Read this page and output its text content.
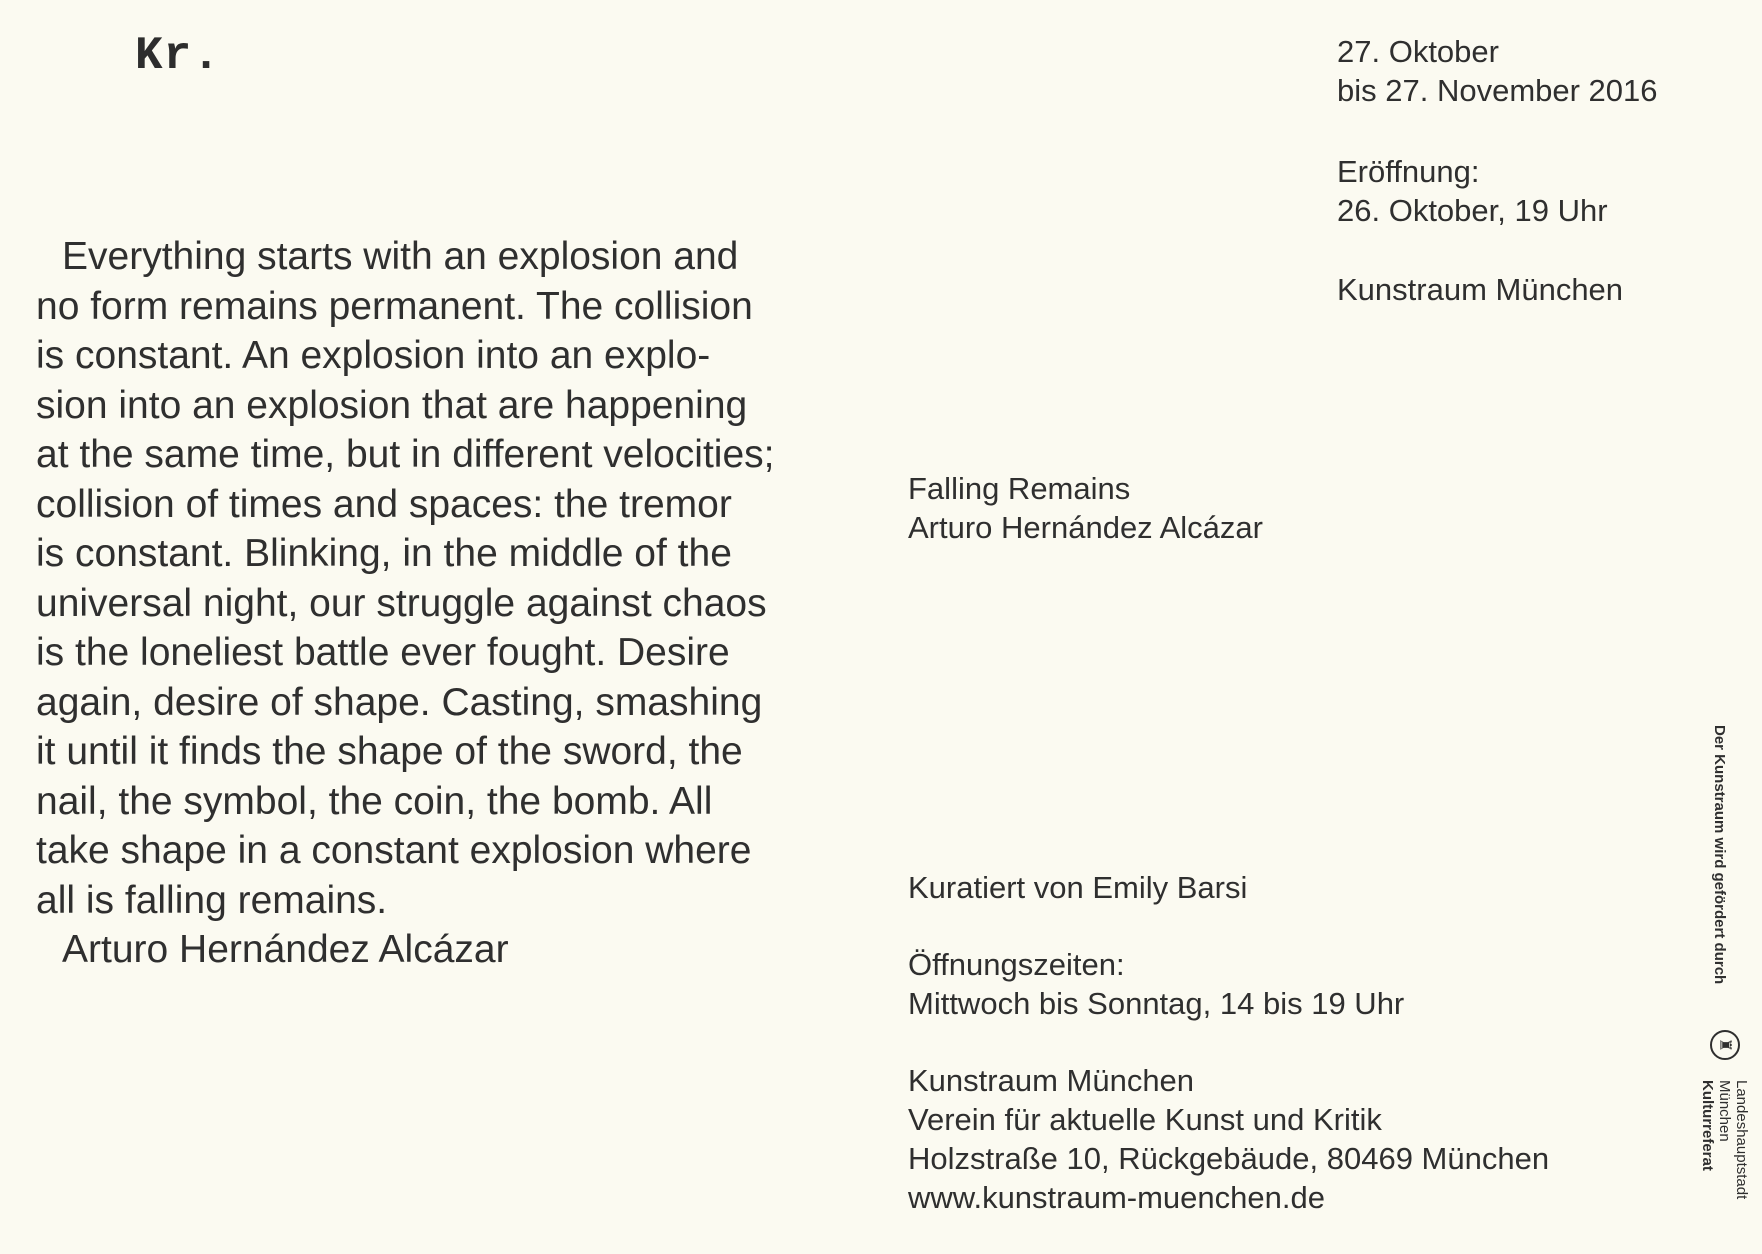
Kr.
Everything starts with an explosion and
no form remains permanent. The collision
is constant. An explosion into an explo-
sion into an explosion that are happening
at the same time, but in different velocities;
collision of times and spaces: the tremor
is constant. Blinking, in the middle of the
universal night, our struggle against chaos
is the loneliest battle ever fought. Desire
again, desire of shape. Casting, smashing
it until it finds the shape of the sword, the
nail, the symbol, the coin, the bomb. All
take shape in a constant explosion where
all is falling remains.
Arturo Hernández Alcázar
27. Oktober
bis 27. November 2016
Eröffnung:
26. Oktober, 19 Uhr
Kunstraum München
Falling Remains
Arturo Hernández Alcázar
Kuratiert von Emily Barsi
Öffnungszeiten:
Mittwoch bis Sonntag, 14 bis 19 Uhr
Kunstraum München
Verein für aktuelle Kunst und Kritik
Holzstraße 10, Rückgebäude, 80469 München
www.kunstraum-muenchen.de
Der Kunstraum wird gefördert durch
♜
Landeshauptstadt
München
Kulturreferat
